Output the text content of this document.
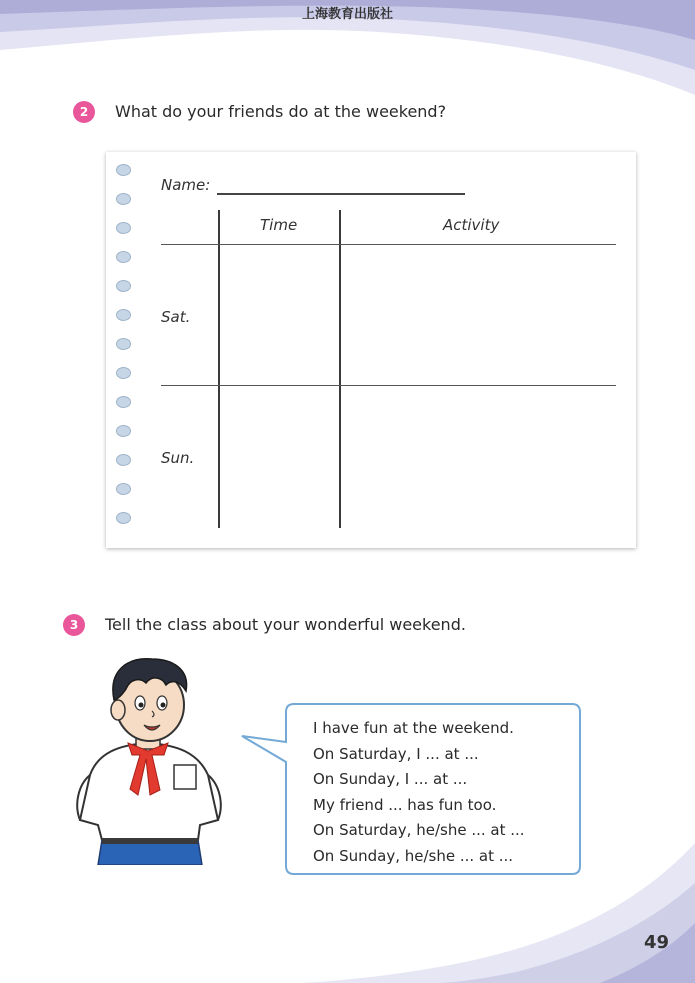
上海教育出版社
2	What do your friends do at the weekend?
Name:
Time	Activity
Sat.
Sun.
3	Tell the class about your wonderful weekend.
I have fun at the weekend.
On Saturday, I ... at ...
On Sunday, I ... at ...
My friend ... has fun too.
On Saturday, he/she ... at ...
On Sunday, he/she ... at ...
49
